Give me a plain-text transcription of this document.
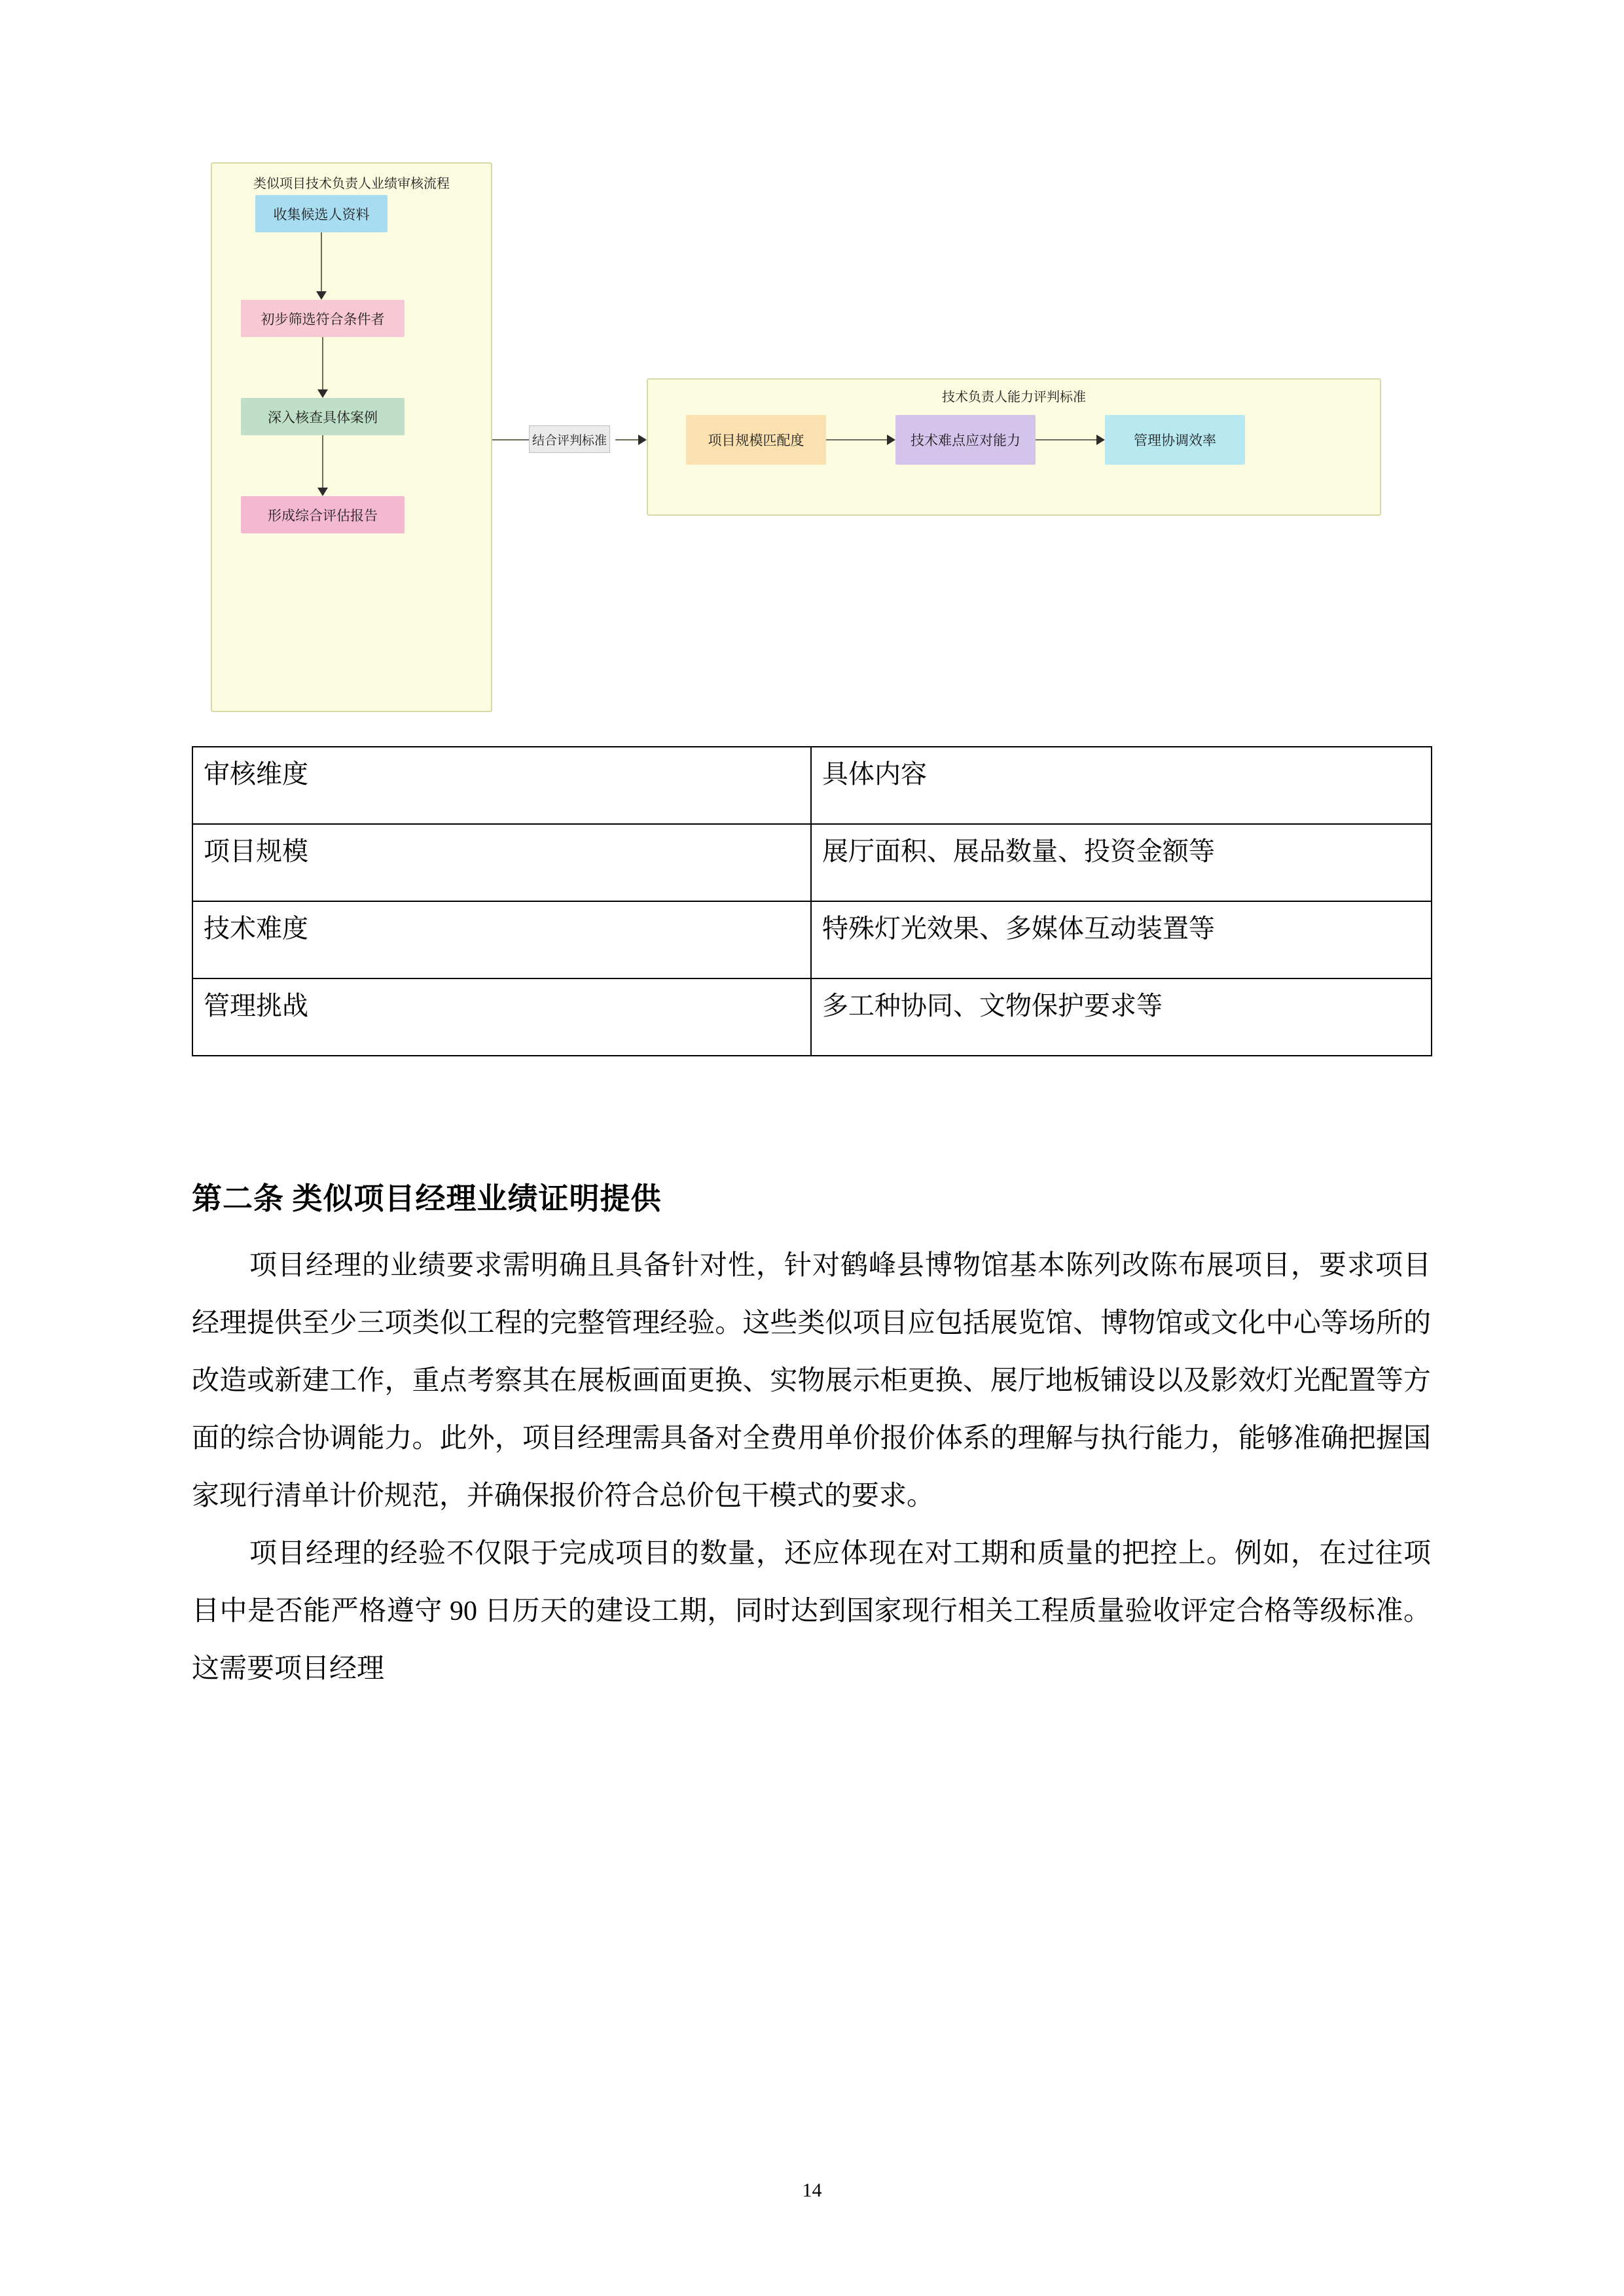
类似项目技术负责人业绩审核流程
收集候选人资料
初步筛选符合条件者
深入核查具体案例
形成综合评估报告
结合评判标准
技术负责人能力评判标准
项目规模匹配度	技术难点应对能力	管理协调效率
审核维度	具体内容
项目规模	展厅面积、展品数量、投资金额等
技术难度	特殊灯光效果、多媒体互动装置等
管理挑战	多工种协同、文物保护要求等
第二条 类似项目经理业绩证明提供

项目经理的业绩要求需明确且具备针对性，针对鹤峰县博物馆基本陈列改陈布展项目，要求项目经理提供至少三项类似工程的完整管理经验。这些类似项目应包括展览馆、博物馆或文化中心等场所的改造或新建工作，重点考察其在展板画面更换、实物展示柜更换、展厅地板铺设以及影效灯光配置等方面的综合协调能力。此外，项目经理需具备对全费用单价报价体系的理解与执行能力，能够准确把握国家现行清单计价规范，并确保报价符合总价包干模式的要求。

项目经理的经验不仅限于完成项目的数量，还应体现在对工期和质量的把控上。例如，在过往项目中是否能严格遵守 90 日历天的建设工期，同时达到国家现行相关工程质量验收评定合格等级标准。这需要项目经理

14
